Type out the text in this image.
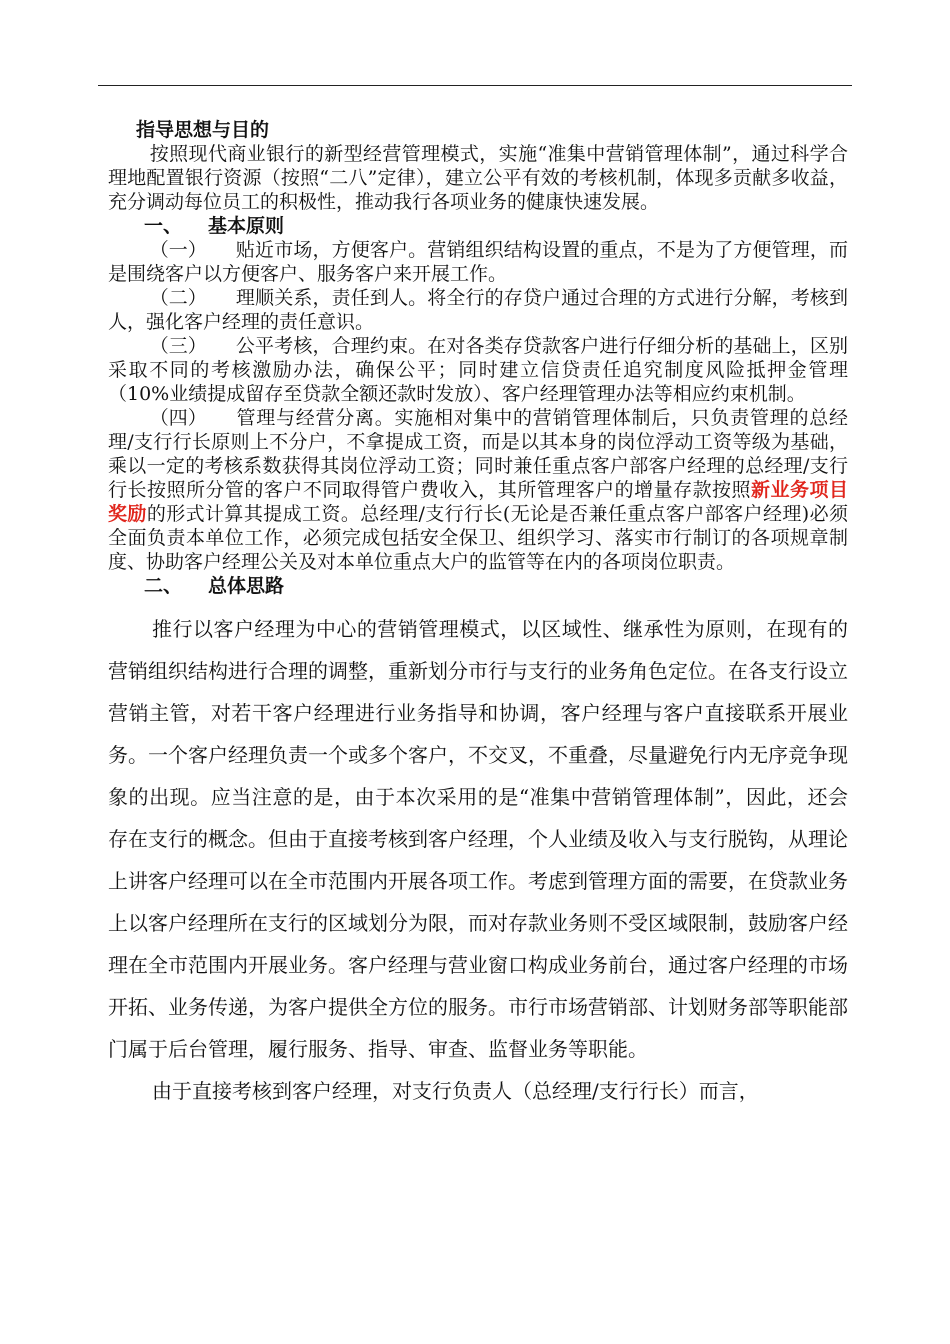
指导思想与目的

按照现代商业银行的新型经营管理模式，实施“准集中营销管理体制”，通过科学合理地配置银行资源（按照“二八”定律），建立公平有效的考核机制，体现多贡献多收益，充分调动每位员工的积极性，推动我行各项业务的健康快速发展。

一、 基本原则

（一） 贴近市场，方便客户。营销组织结构设置的重点，不是为了方便管理，而是围绕客户以方便客户、服务客户来开展工作。

（二） 理顺关系，责任到人。将全行的存贷户通过合理的方式进行分解，考核到人，强化客户经理的责任意识。

（三） 公平考核，合理约束。在对各类存贷款客户进行仔细分析的基础上，区别采取不同的考核激励办法，确保公平；同时建立信贷责任追究制度风险抵押金管理（10%业绩提成留存至贷款全额还款时发放）、客户经理管理办法等相应约束机制。

（四） 管理与经营分离。实施相对集中的营销管理体制后，只负责管理的总经理/支行行长原则上不分户，不拿提成工资，而是以其本身的岗位浮动工资等级为基础，乘以一定的考核系数获得其岗位浮动工资；同时兼任重点客户部客户经理的总经理/支行行长按照所分管的客户不同取得管户费收入，其所管理客户的增量存款按照新业务项目奖励的形式计算其提成工资。总经理/支行行长(无论是否兼任重点客户部客户经理)必须全面负责本单位工作，必须完成包括安全保卫、组织学习、落实市行制订的各项规章制度、协助客户经理公关及对本单位重点大户的监管等在内的各项岗位职责。

二、 总体思路

推行以客户经理为中心的营销管理模式，以区域性、继承性为原则，在现有的营销组织结构进行合理的调整，重新划分市行与支行的业务角色定位。在各支行设立营销主管，对若干客户经理进行业务指导和协调，客户经理与客户直接联系开展业务。一个客户经理负责一个或多个客户，不交叉，不重叠，尽量避免行内无序竞争现象的出现。应当注意的是，由于本次采用的是“准集中营销管理体制”，因此，还会存在支行的概念。但由于直接考核到客户经理，个人业绩及收入与支行脱钩，从理论上讲客户经理可以在全市范围内开展各项工作。考虑到管理方面的需要，在贷款业务上以客户经理所在支行的区域划分为限，而对存款业务则不受区域限制，鼓励客户经理在全市范围内开展业务。客户经理与营业窗口构成业务前台，通过客户经理的市场开拓、业务传递，为客户提供全方位的服务。市行市场营销部、计划财务部等职能部门属于后台管理，履行服务、指导、审查、监督业务等职能。

由于直接考核到客户经理，对支行负责人（总经理/支行行长）而言，
